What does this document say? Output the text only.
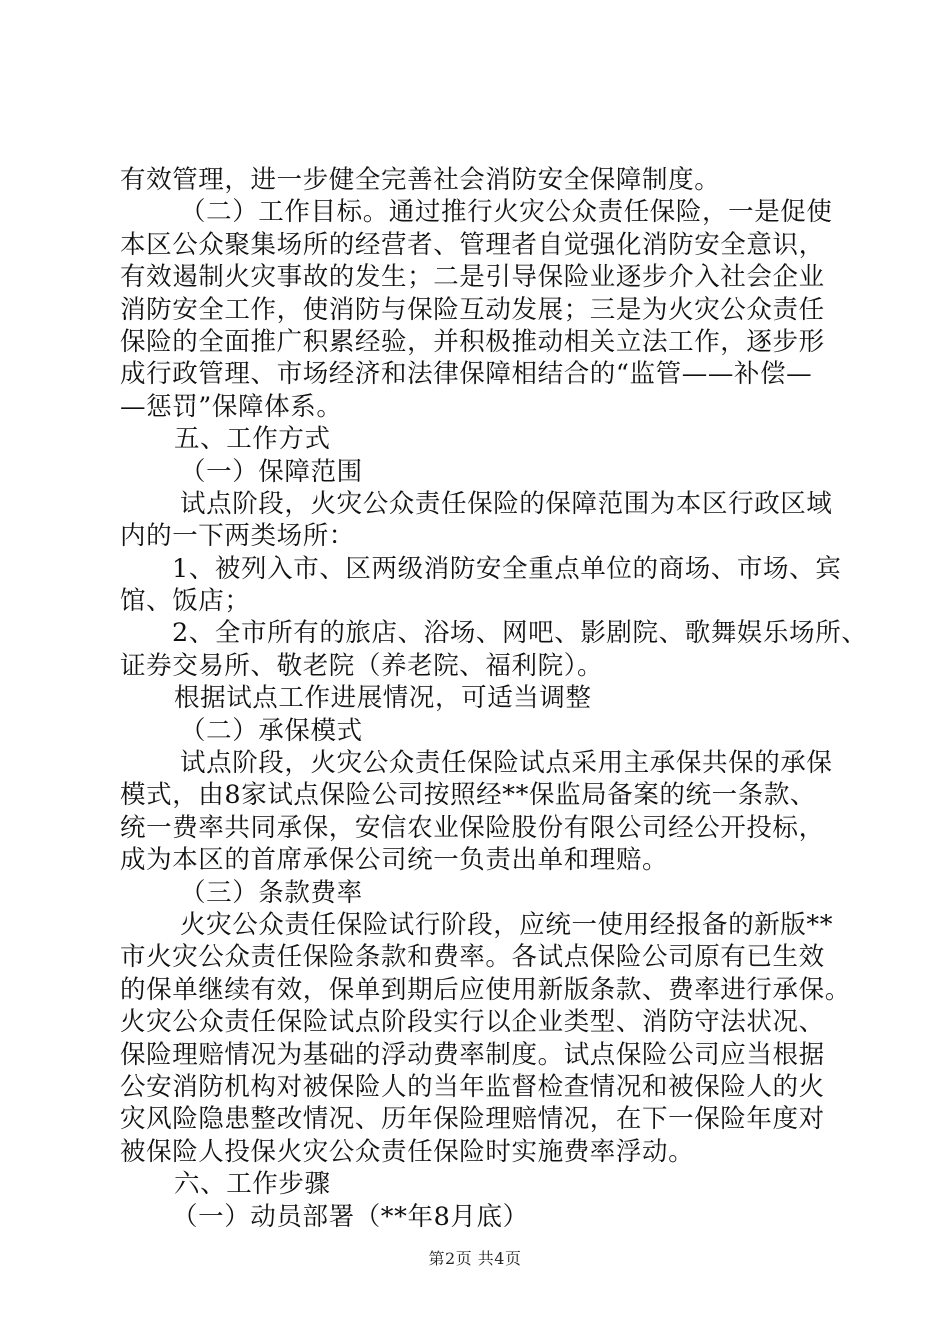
有效管理，进一步健全完善社会消防安全保障制度。
（二）工作目标。通过推行火灾公众责任保险，一是促使
本区公众聚集场所的经营者、管理者自觉强化消防安全意识，
有效遏制火灾事故的发生；二是引导保险业逐步介入社会企业
消防安全工作，使消防与保险互动发展；三是为火灾公众责任
保险的全面推广积累经验，并积极推动相关立法工作，逐步形
成行政管理、市场经济和法律保障相结合的“监管——补偿—
—惩罚”保障体系。
五、工作方式
（一）保障范围
试点阶段，火灾公众责任保险的保障范围为本区行政区域
内的一下两类场所：
1、被列入市、区两级消防安全重点单位的商场、市场、宾
馆、饭店；
2、全市所有的旅店、浴场、网吧、影剧院、歌舞娱乐场所、
证券交易所、敬老院（养老院、福利院）。
根据试点工作进展情况，可适当调整
（二）承保模式
试点阶段，火灾公众责任保险试点采用主承保共保的承保
模式，由8家试点保险公司按照经**保监局备案的统一条款、
统一费率共同承保，安信农业保险股份有限公司经公开投标，
成为本区的首席承保公司统一负责出单和理赔。
（三）条款费率
火灾公众责任保险试行阶段，应统一使用经报备的新版**
市火灾公众责任保险条款和费率。各试点保险公司原有已生效
的保单继续有效，保单到期后应使用新版条款、费率进行承保。
火灾公众责任保险试点阶段实行以企业类型、消防守法状况、
保险理赔情况为基础的浮动费率制度。试点保险公司应当根据
公安消防机构对被保险人的当年监督检查情况和被保险人的火
灾风险隐患整改情况、历年保险理赔情况，在下一保险年度对
被保险人投保火灾公众责任保险时实施费率浮动。
六、工作步骤
（一）动员部署（**年8月底）
第2页 共4页
